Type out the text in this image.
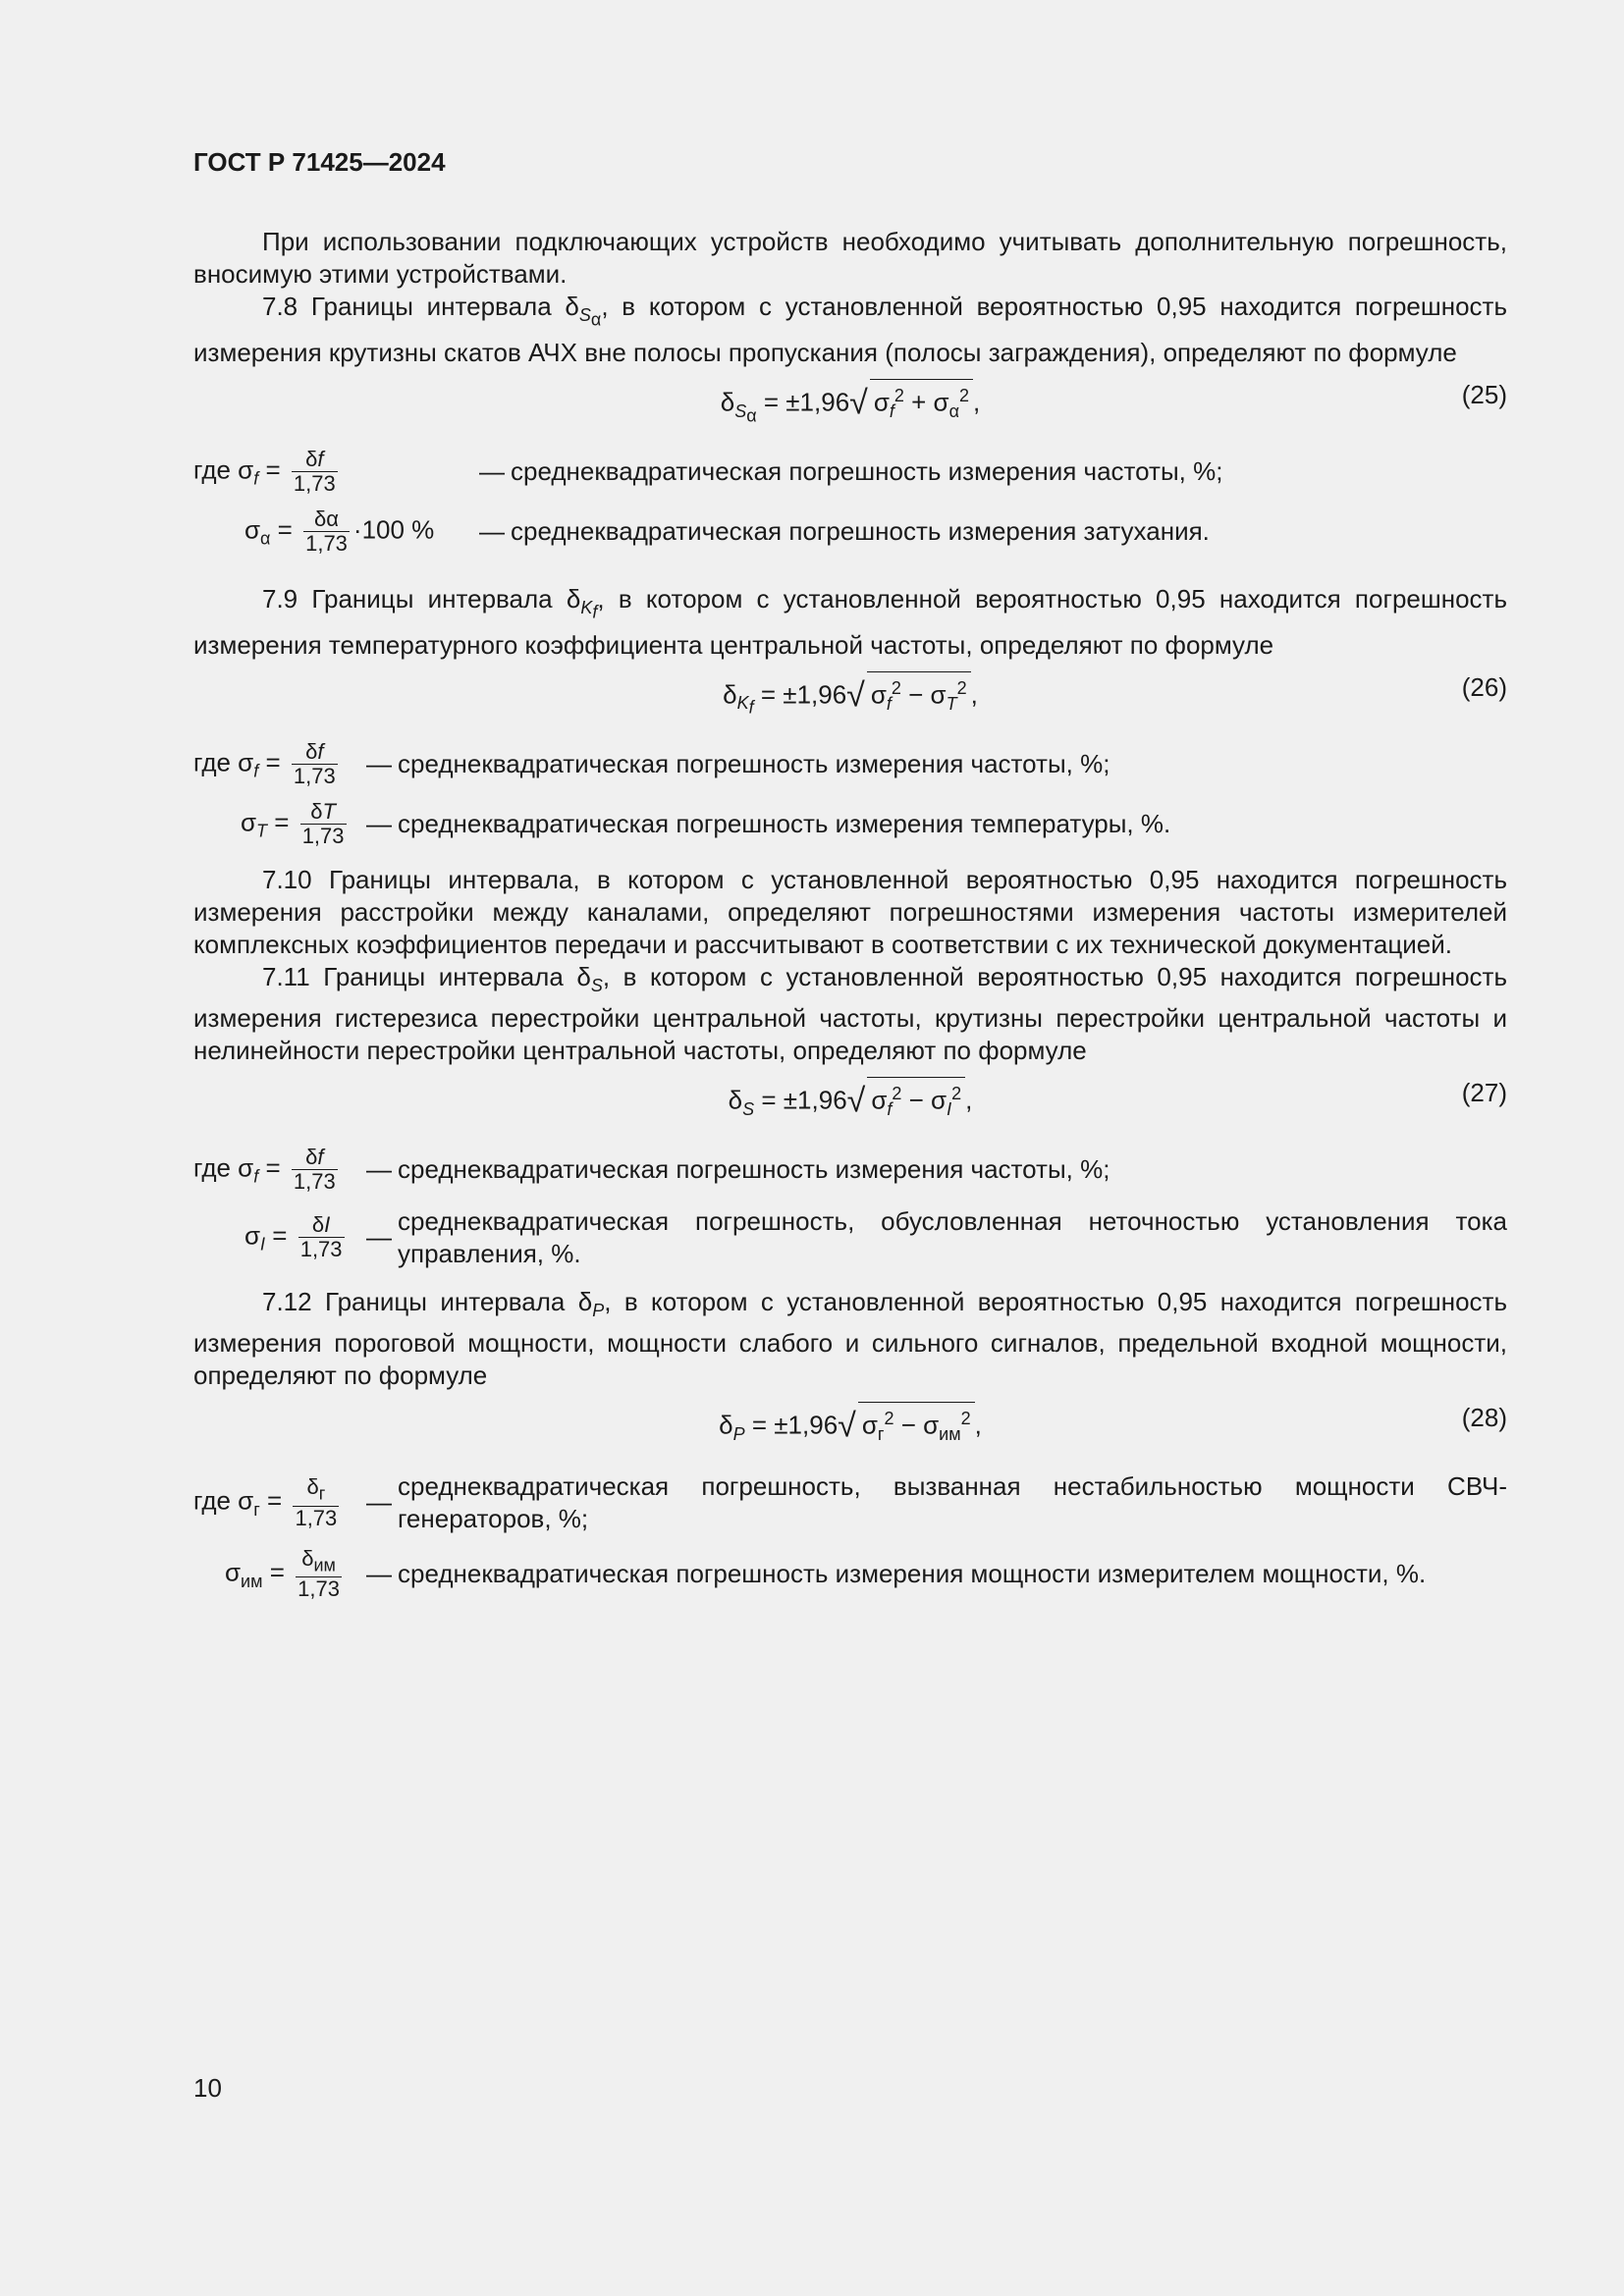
ГОСТ Р 71425—2024

При использовании подключающих устройств необходимо учитывать дополнительную погрешность, вносимую этими устройствами.

7.8 Границы интервала $\delta_{S_\alpha}$, в котором с установленной вероятностью 0,95 находится погрешность измерения крутизны скатов АЧХ вне полосы пропускания (полосы заграждения), определяют по формуле

$\delta_{S_\alpha} = \pm 1,96√$ $\sigma_f^2 + \sigma_\alpha^2$ ,	(25)
где $\sigma_f = \frac{\delta f}{1,73}$	—	среднеквадратическая погрешность измерения частоты, %;
$\sigma_\alpha = \frac{\delta\alpha}{1,73} \cdot 100$ %	—	среднеквадратическая погрешность измерения затухания.

7.9 Границы интервала $\delta_{K_f}$, в котором с установленной вероятностью 0,95 находится погрешность измерения температурного коэффициента центральной частоты, определяют по формуле

$\delta_{K_f} = \pm 1,96√$ $\sigma_f^2 - \sigma_T^2$ ,	(26)
где $\sigma_f = \frac{\delta f}{1,73}$	—	среднеквадратическая погрешность измерения частоты, %;
$\sigma_T = \frac{\delta T}{1,73}$	—	среднеквадратическая погрешность измерения температуры, %.

7.10 Границы интервала, в котором с установленной вероятностью 0,95 находится погрешность измерения расстройки между каналами, определяют погрешностями измерения частоты измерителей комплексных коэффициентов передачи и рассчитывают в соответствии с их технической документацией.

7.11 Границы интервала $\delta_S$, в котором с установленной вероятностью 0,95 находится погрешность измерения гистерезиса перестройки центральной частоты, крутизны перестройки центральной частоты и нелинейности перестройки центральной частоты, определяют по формуле

$\delta_S = \pm 1,96√$ $\sigma_f^2 - \sigma_I^2$ ,	(27)
где $\sigma_f = \frac{\delta f}{1,73}$	—	среднеквадратическая погрешность измерения частоты, %;
$\sigma_I = \frac{\delta I}{1,73}$	—	среднеквадратическая погрешность, обусловленная неточностью установления тока управления, %.

7.12 Границы интервала $\delta_P$, в котором с установленной вероятностью 0,95 находится погрешность измерения пороговой мощности, мощности слабого и сильного сигналов, предельной входной мощности, определяют по формуле

$\delta_P = \pm 1,96√$ $\sigma_г^2 - \sigma_{им}^2$ ,	(28)
где $\sigma_г = \frac{\delta_г}{1,73}$	—	среднеквадратическая погрешность, вызванная нестабильностью мощности СВЧ-генераторов, %;
$\sigma_{им} = \frac{\delta_{им}}{1,73}$	—	среднеквадратическая погрешность измерения мощности измерителем мощности, %.
10
